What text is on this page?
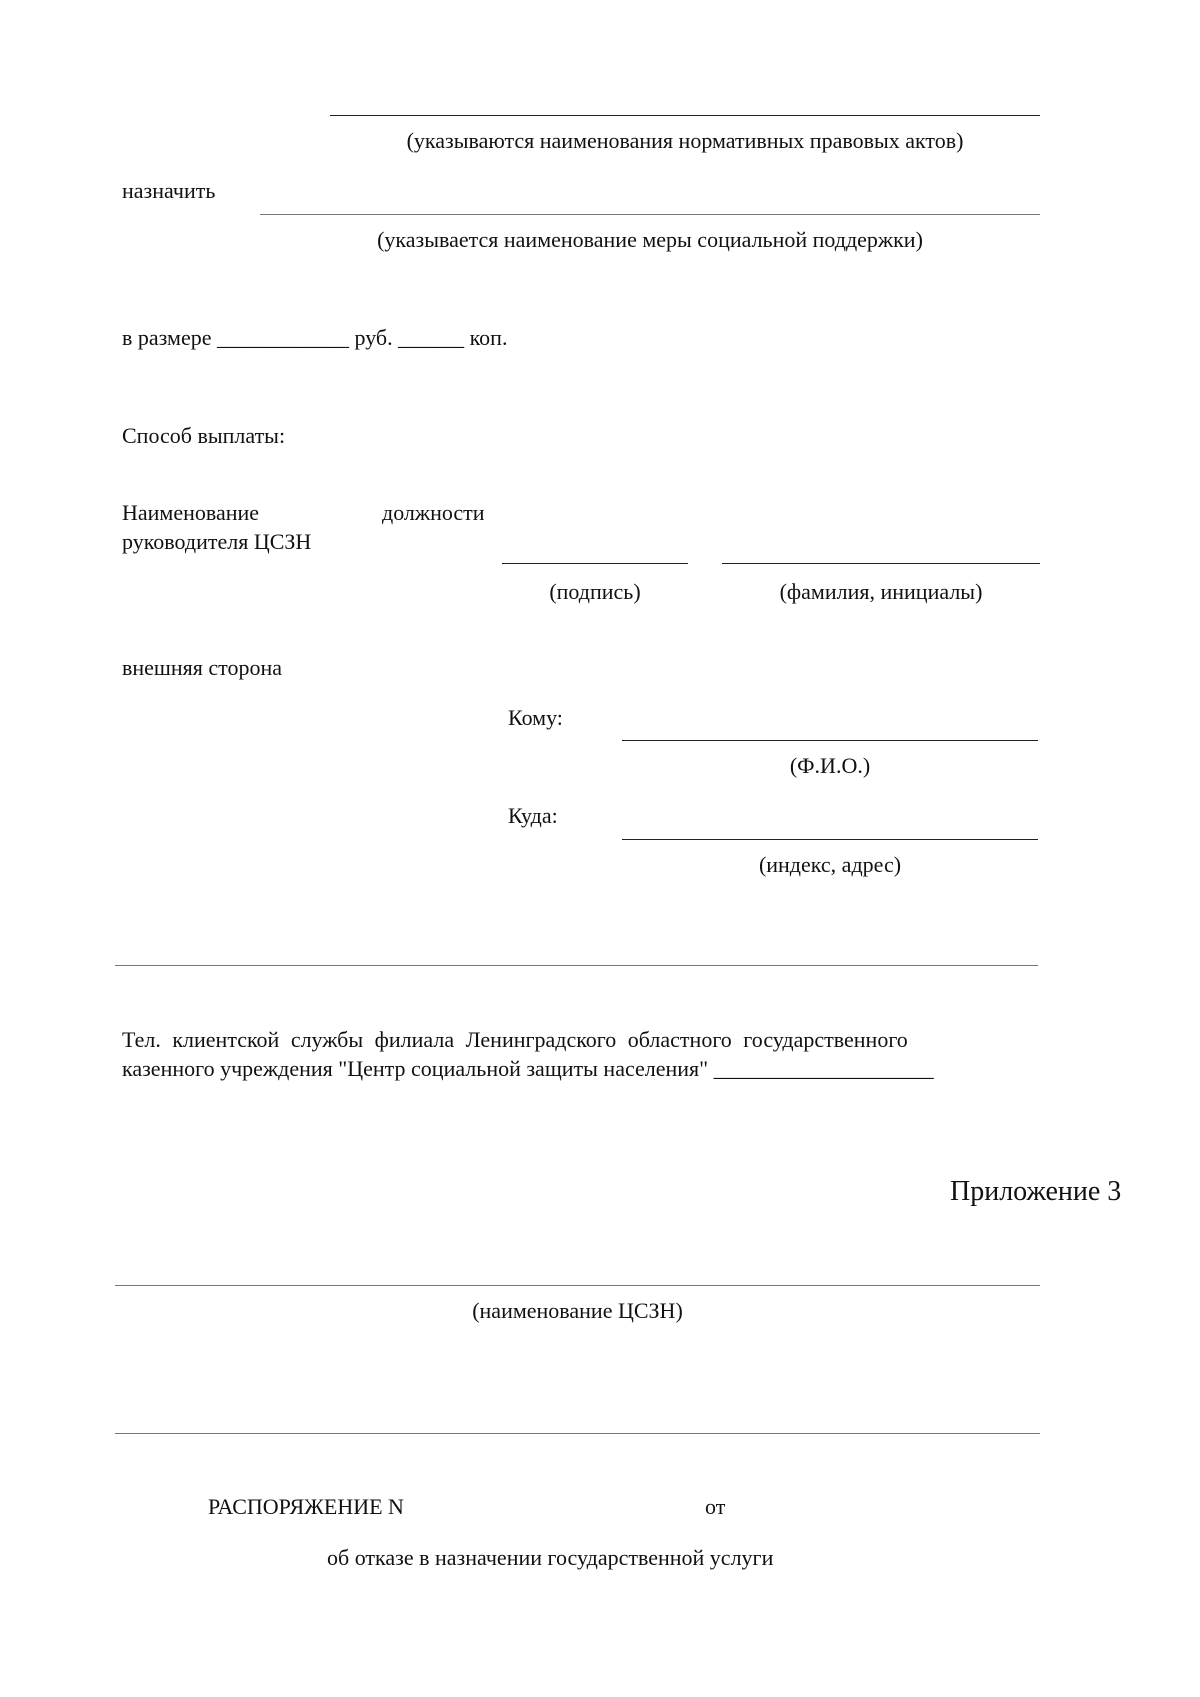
(указываются наименования нормативных правовых актов)
назначить
(указывается наименование меры социальной поддержки)
в размере ____________ руб. ______ коп.
Способ выплаты:
Наименование	должности
руководителя ЦСЗН
(подпись)	(фамилия, инициалы)
внешняя сторона
Кому:
(Ф.И.О.)
Куда:
(индекс, адрес)
Тел. клиентской службы филиала Ленинградского областного государственного
казенного учреждения "Центр социальной защиты населения" ____________________
Приложение 3
(наименование ЦСЗН)
РАСПОРЯЖЕНИЕ N	от
об отказе в назначении государственной услуги
